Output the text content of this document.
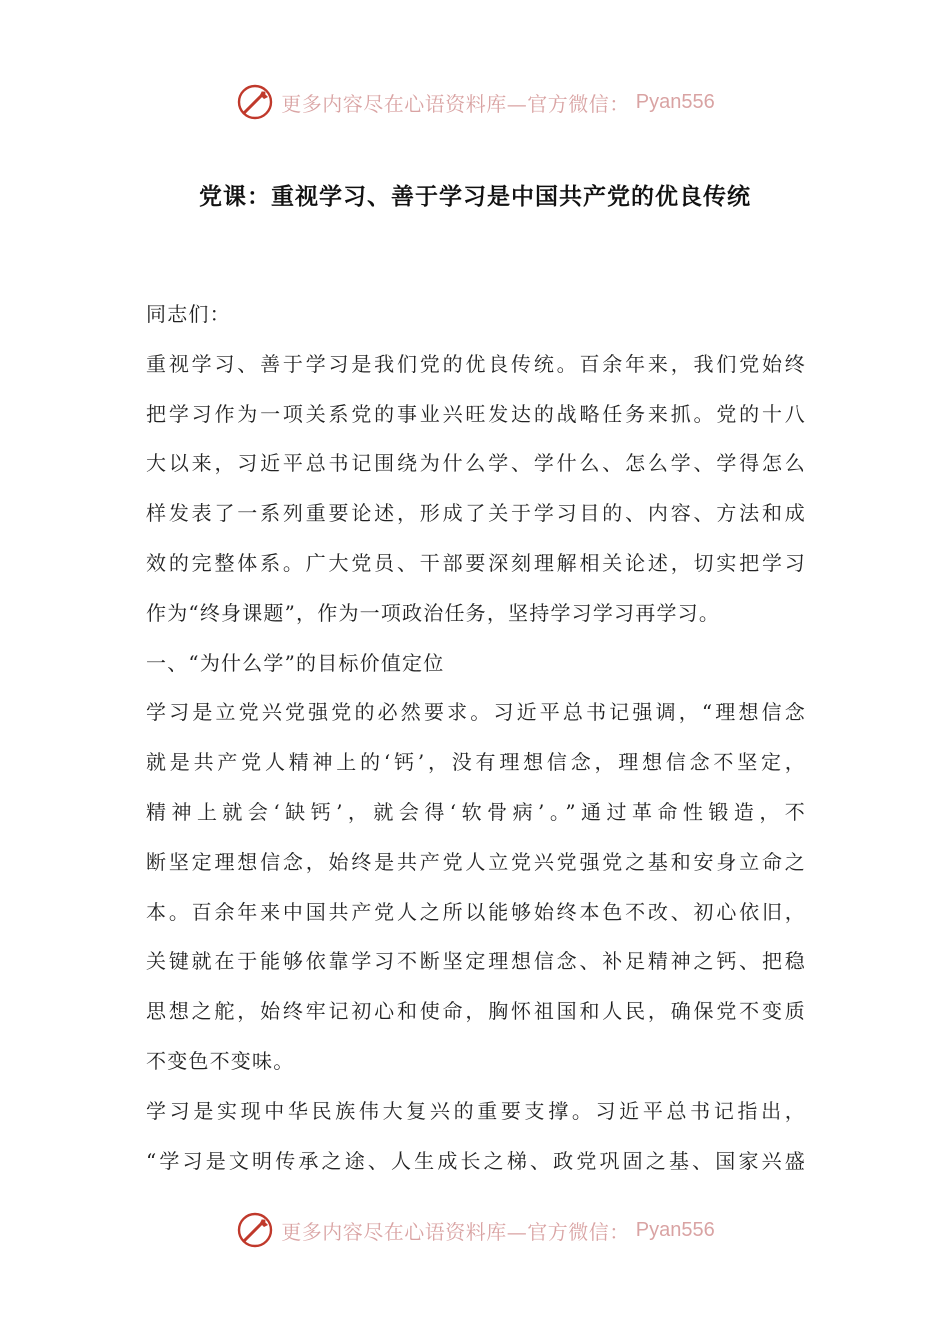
更多内容尽在心语资料库—官方微信： Pyan556
党课：重视学习、善于学习是中国共产党的优良传统

同志们：

重视学习、善于学习是我们党的优良传统。百余年来，我们党始终

把学习作为一项关系党的事业兴旺发达的战略任务来抓。党的十八

大以来，习近平总书记围绕为什么学、学什么、怎么学、学得怎么

样发表了一系列重要论述，形成了关于学习目的、内容、方法和成

效的完整体系。广大党员、干部要深刻理解相关论述，切实把学习

作为“终身课题”，作为一项政治任务，坚持学习学习再学习。

一、“为什么学”的目标价值定位

学习是立党兴党强党的必然要求。习近平总书记强调，“理想信念

就是共产党人精神上的‘钙’，没有理想信念，理想信念不坚定，

精神上就会‘缺钙’，就会得‘软骨病’。”通过革命性锻造，不

断坚定理想信念，始终是共产党人立党兴党强党之基和安身立命之

本。百余年来中国共产党人之所以能够始终本色不改、初心依旧，

关键就在于能够依靠学习不断坚定理想信念、补足精神之钙、把稳

思想之舵，始终牢记初心和使命，胸怀祖国和人民，确保党不变质

不变色不变味。

学习是实现中华民族伟大复兴的重要支撑。习近平总书记指出，

“学习是文明传承之途、人生成长之梯、政党巩固之基、国家兴盛

更多内容尽在心语资料库—官方微信： Pyan556
